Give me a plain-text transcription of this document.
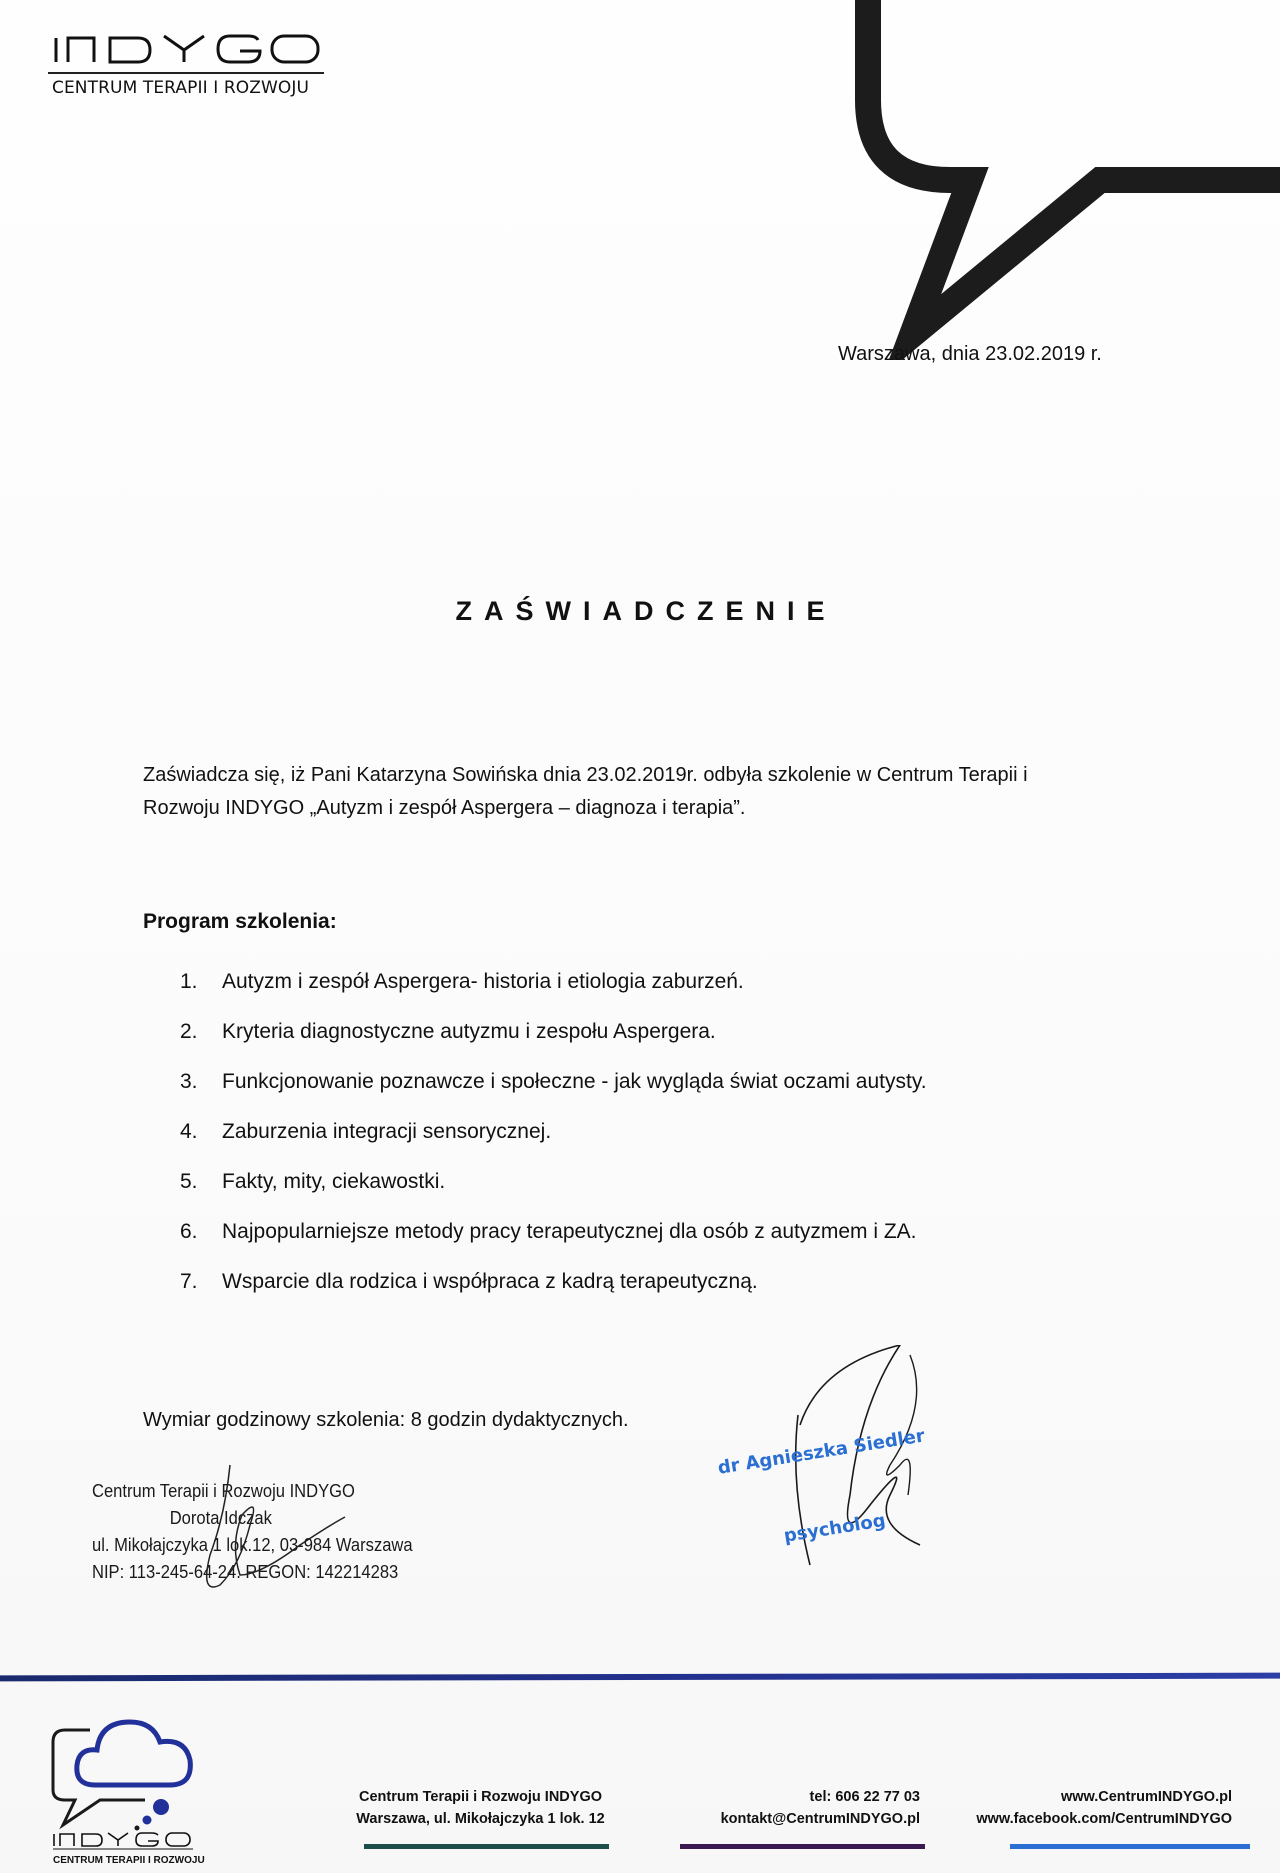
CENTRUM TERAPII I ROZWOJU
Warszawa, dnia 23.02.2019 r.
ZAŚWIADCZENIE
Zaświadcza się, iż Pani Katarzyna Sowińska dnia 23.02.2019r. odbyła szkolenie w Centrum Terapii i
Rozwoju INDYGO „Autyzm i zespół Aspergera – diagnoza i terapia”.
Program szkolenia:
1.	Autyzm i zespół Aspergera- historia i etiologia zaburzeń.
2.	Kryteria diagnostyczne autyzmu i zespołu Aspergera.
3.	Funkcjonowanie poznawcze i społeczne - jak wygląda świat oczami autysty.
4.	Zaburzenia integracji sensorycznej.
5.	Fakty, mity, ciekawostki.
6.	Najpopularniejsze metody pracy terapeutycznej dla osób z autyzmem i ZA.
7.	Wsparcie dla rodzica i współpraca z kadrą terapeutyczną.
Wymiar godzinowy szkolenia: 8 godzin dydaktycznych.
Centrum Terapii i Rozwoju INDYGO
Dorota Idczak
ul. Mikołajczyka 1 lok.12, 03-984 Warszawa
NIP: 113-245-64-24. REGON: 142214283
dr Agnieszka Siedler
psycholog
CENTRUM TERAPII I ROZWOJU
Centrum Terapii i Rozwoju INDYGO
Warszawa, ul. Mikołajczyka 1 lok. 12
tel: 606 22 77 03
kontakt@CentrumINDYGO.pl
www.CentrumINDYGO.pl
www.facebook.com/CentrumINDYGO
